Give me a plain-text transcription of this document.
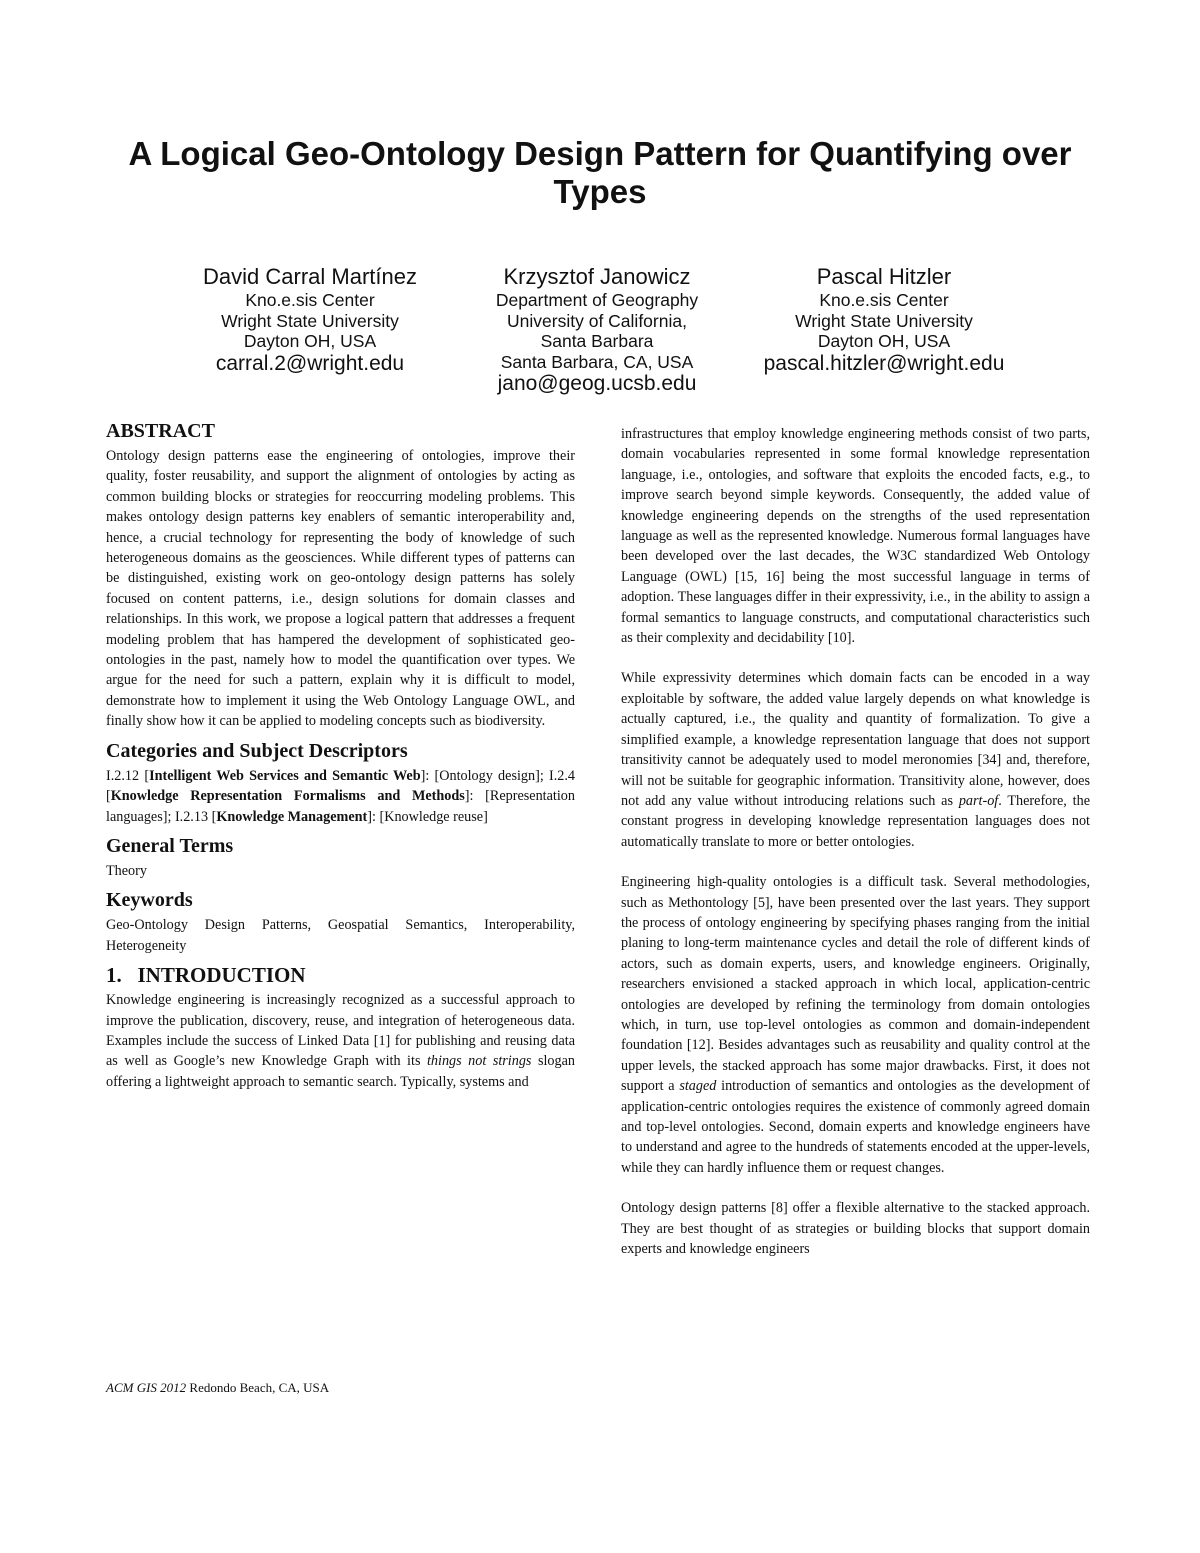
A Logical Geo-Ontology Design Pattern for Quantifying over Types
David Carral Martínez
Kno.e.sis Center
Wright State University
Dayton OH, USA
carral.2@wright.edu
Krzysztof Janowicz
Department of Geography
University of California,
Santa Barbara
Santa Barbara, CA, USA
jano@geog.ucsb.edu
Pascal Hitzler
Kno.e.sis Center
Wright State University
Dayton OH, USA
pascal.hitzler@wright.edu
ABSTRACT

Ontology design patterns ease the engineering of ontologies, improve their quality, foster reusability, and support the alignment of ontologies by acting as common building blocks or strategies for reoccurring modeling problems. This makes ontology design patterns key enablers of semantic interoperability and, hence, a crucial technology for representing the body of knowledge of such heterogeneous domains as the geosciences. While different types of patterns can be distinguished, existing work on geo-ontology design patterns has solely focused on content patterns, i.e., design solutions for domain classes and relationships. In this work, we propose a logical pattern that addresses a frequent modeling problem that has hampered the development of sophisticated geo-ontologies in the past, namely how to model the quantification over types. We argue for the need for such a pattern, explain why it is difficult to model, demonstrate how to implement it using the Web Ontology Language OWL, and finally show how it can be applied to modeling concepts such as biodiversity.

Categories and Subject Descriptors

I.2.12 [Intelligent Web Services and Semantic Web]: [Ontology design]; I.2.4 [Knowledge Representation Formalisms and Methods]: [Representation languages]; I.2.13 [Knowledge Management]: [Knowledge reuse]

General Terms

Theory

Keywords

Geo-Ontology Design Patterns, Geospatial Semantics, Interoperability, Heterogeneity

1.   INTRODUCTION

Knowledge engineering is increasingly recognized as a successful approach to improve the publication, discovery, reuse, and integration of heterogeneous data. Examples include the success of Linked Data [1] for publishing and reusing data as well as Google’s new Knowledge Graph with its things not strings slogan offering a lightweight approach to semantic search. Typically, systems and

ACM GIS 2012 Redondo Beach, CA, USA

infrastructures that employ knowledge engineering methods consist of two parts, domain vocabularies represented in some formal knowledge representation language, i.e., ontologies, and software that exploits the encoded facts, e.g., to improve search beyond simple keywords. Consequently, the added value of knowledge engineering depends on the strengths of the used representation language as well as the represented knowledge. Numerous formal languages have been developed over the last decades, the W3C standardized Web Ontology Language (OWL) [15, 16] being the most successful language in terms of adoption. These languages differ in their expressivity, i.e., in the ability to assign a formal semantics to language constructs, and computational characteristics such as their complexity and decidability [10].

While expressivity determines which domain facts can be encoded in a way exploitable by software, the added value largely depends on what knowledge is actually captured, i.e., the quality and quantity of formalization. To give a simplified example, a knowledge representation language that does not support transitivity cannot be adequately used to model meronomies [34] and, therefore, will not be suitable for geographic information. Transitivity alone, however, does not add any value without introducing relations such as part-of. Therefore, the constant progress in developing knowledge representation languages does not automatically translate to more or better ontologies.

Engineering high-quality ontologies is a difficult task. Several methodologies, such as Methontology [5], have been presented over the last years. They support the process of ontology engineering by specifying phases ranging from the initial planing to long-term maintenance cycles and detail the role of different kinds of actors, such as domain experts, users, and knowledge engineers. Originally, researchers envisioned a stacked approach in which local, application-centric ontologies are developed by refining the terminology from domain ontologies which, in turn, use top-level ontologies as common and domain-independent foundation [12]. Besides advantages such as reusability and quality control at the upper levels, the stacked approach has some major drawbacks. First, it does not support a staged introduction of semantics and ontologies as the development of application-centric ontologies requires the existence of commonly agreed domain and top-level ontologies. Second, domain experts and knowledge engineers have to understand and agree to the hundreds of statements encoded at the upper-levels, while they can hardly influence them or request changes.

Ontology design patterns [8] offer a flexible alternative to the stacked approach. They are best thought of as strategies or building blocks that support domain experts and knowledge engineers
